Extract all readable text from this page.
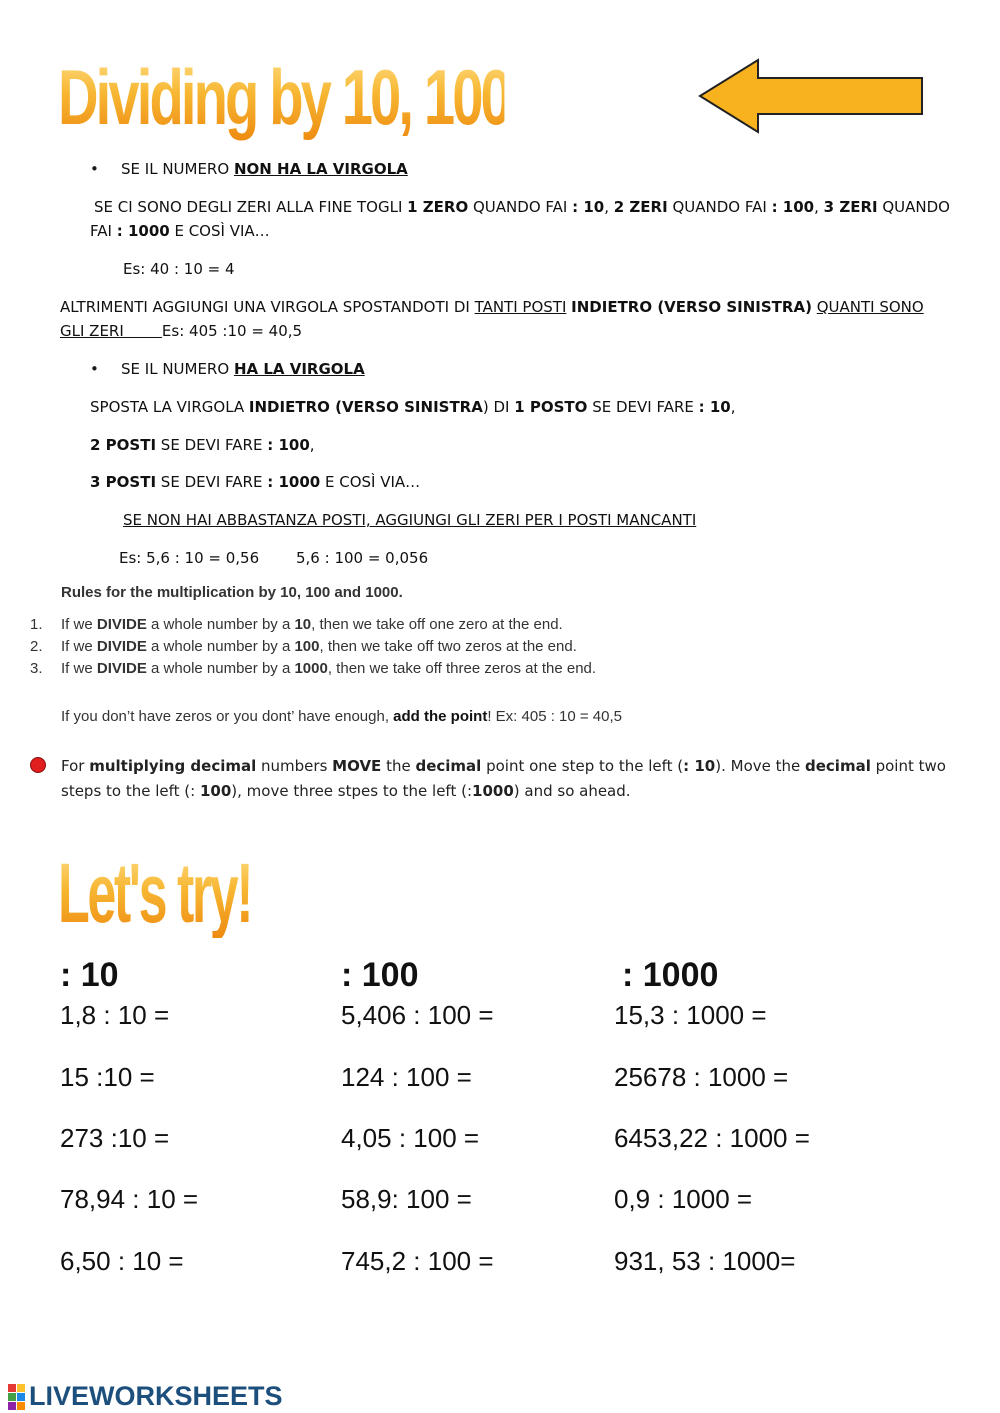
Dividing by 10, 100, 1000
• SE IL NUMERO NON HA LA VIRGOLA
SE CI SONO DEGLI ZERI ALLA FINE TOGLI 1 ZERO QUANDO FAI : 10, 2 ZERI QUANDO FAI : 100, 3 ZERI QUANDO
FAI : 1000 E COSÌ VIA…
Es: 40 : 10 = 4
ALTRIMENTI AGGIUNGI UNA VIRGOLA SPOSTANDOTI DI TANTI POSTI INDIETRO (VERSO SINISTRA) QUANTI SONO
GLI ZERI        Es: 405 :10 = 40,5
• SE IL NUMERO HA LA VIRGOLA
SPOSTA LA VIRGOLA INDIETRO (VERSO SINISTRA) DI 1 POSTO SE DEVI FARE : 10,
2 POSTI SE DEVI FARE : 100,
3 POSTI SE DEVI FARE : 1000 E COSÌ VIA…
SE NON HAI ABBASTANZA POSTI, AGGIUNGI GLI ZERI PER I POSTI MANCANTI
Es: 5,6 : 10 = 0,56 5,6 : 100 = 0,056
Rules for the multiplication by 10, 100 and 1000.
1. If we DIVIDE a whole number by a 10, then we take off one zero at the end.
2. If we DIVIDE a whole number by a 100, then we take off two zeros at the end.
3. If we DIVIDE a whole number by a 1000, then we take off three zeros at the end.
If you don’t have zeros or you dont’ have enough, add the point! Ex: 405 : 10 = 40,5
For multiplying decimal numbers MOVE the decimal point one step to the left (: 10). Move the decimal point two
steps to the left (: 100), move three stpes to the left (:1000) and so ahead.
Let's try!
: 10
1,8 : 10 =
15 :10 =
273 :10 =
78,94 : 10 =
6,50 : 10 =
: 100
5,406 : 100 =
124 : 100 =
4,05 : 100 =
58,9: 100 =
745,2 : 100 =
: 1000
15,3 : 1000 =
25678 : 1000 =
6453,22 : 1000 =
0,9 : 1000 =
931, 53 : 1000=
LIVEWORKSHEETS
